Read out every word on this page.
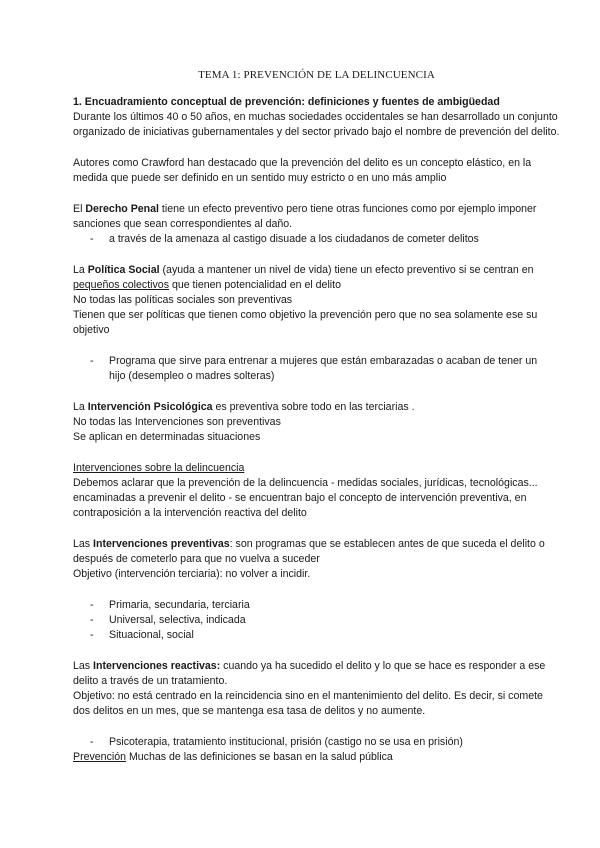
TEMA 1: PREVENCIÓN DE LA DELINCUENCIA

1. Encuadramiento conceptual de prevención: definiciones y fuentes de ambigüedad

Durante los últimos 40 o 50 años, en muchas sociedades occidentales se han desarrollado un conjunto organizado de iniciativas gubernamentales y del sector privado bajo el nombre de prevención del delito.

Autores como Crawford han destacado que la prevención del delito es un concepto elástico, en la medida que puede ser definido en un sentido muy estricto o en uno más amplio

El Derecho Penal tiene un efecto preventivo pero tiene otras funciones como por ejemplo imponer sanciones que sean correspondientes al daño.

- a través de la amenaza al castigo disuade a los ciudadanos de cometer delitos

La Política Social (ayuda a mantener un nivel de vida) tiene un efecto preventivo si se centran en pequeños colectivos que tienen potencialidad en el delito

No todas las políticas sociales son preventivas

Tienen que ser políticas que tienen como objetivo la prevención pero que no sea solamente ese su objetivo

- Programa que sirve para entrenar a mujeres que están embarazadas o acaban de tener un hijo (desempleo o madres solteras)

La Intervención Psicológica es preventiva sobre todo en las terciarias .

No todas las Intervenciones son preventivas

Se aplican en determinadas situaciones

Intervenciones sobre la delincuencia

Debemos aclarar que la prevención de la delincuencia - medidas sociales, jurídicas, tecnológicas... encaminadas a prevenir el delito - se encuentran bajo el concepto de intervención preventiva, en contraposición a la intervención reactiva del delito

Las Intervenciones preventivas: son programas que se establecen antes de que suceda el delito o después de cometerlo para que no vuelva a suceder

Objetivo (intervención terciaria): no volver a incidir.

- Primaria, secundaria, terciaria
- Universal, selectiva, indicada
- Situacional, social

Las Intervenciones reactivas: cuando ya ha sucedido el delito y lo que se hace es responder a ese delito a través de un tratamiento.

Objetivo: no está centrado en la reincidencia sino en el mantenimiento del delito. Es decir, si comete dos delitos en un mes, que se mantenga esa tasa de delitos y no aumente.

- Psicoterapia, tratamiento institucional, prisión (castigo no se usa en prisión)

Prevención Muchas de las definiciones se basan en la salud pública
